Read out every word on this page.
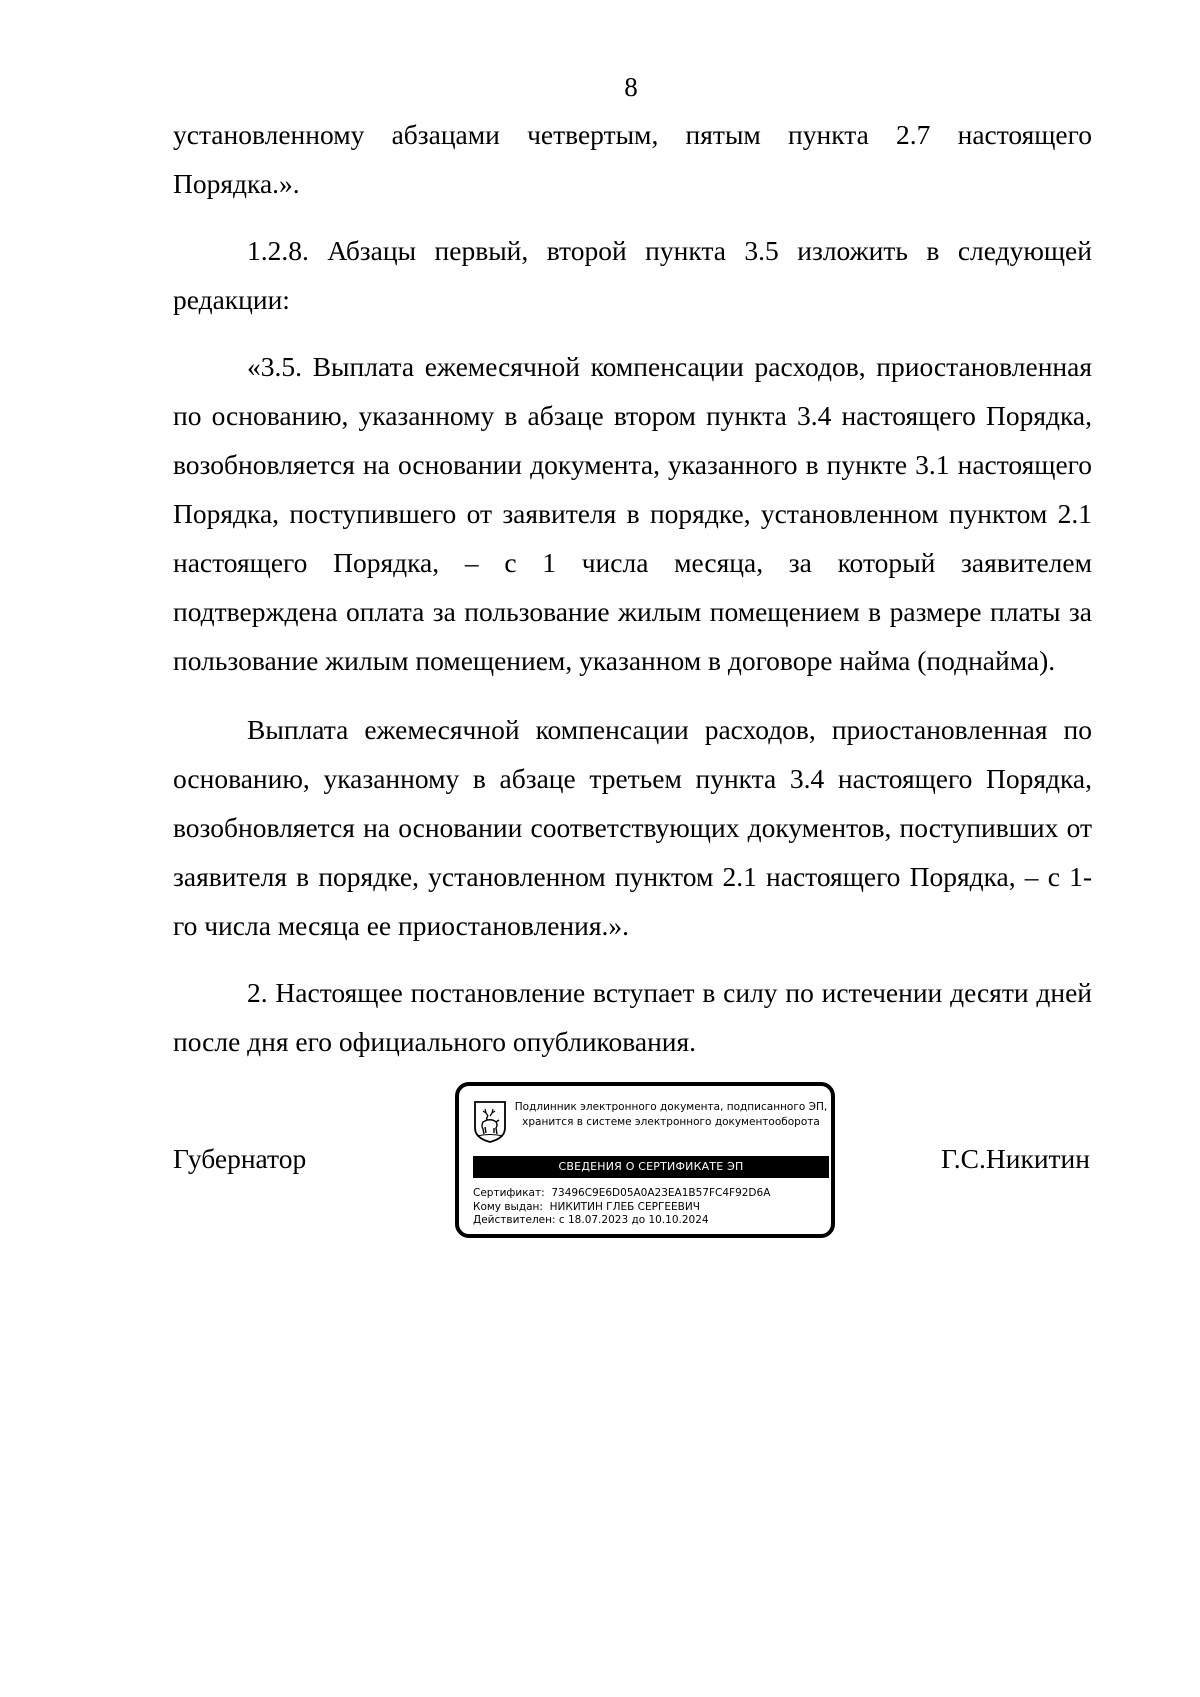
8

установленному абзацами четвертым, пятым пункта 2.7 настоящего Порядка.».

1.2.8. Абзацы первый, второй пункта 3.5 изложить в следующей редакции:

«3.5. Выплата ежемесячной компенсации расходов, приостановленная по основанию, указанному в абзаце втором пункта 3.4 настоящего Порядка, возобновляется на основании документа, указанного в пункте 3.1 настоящего Порядка, поступившего от заявителя в порядке, установленном пунктом 2.1 настоящего Порядка, – с 1 числа месяца, за который заявителем подтверждена оплата за пользование жилым помещением в размере платы за пользование жилым помещением, указанном в договоре найма (поднайма).

Выплата ежемесячной компенсации расходов, приостановленная по основанию, указанному в абзаце третьем пункта 3.4 настоящего Порядка, возобновляется на основании соответствующих документов, поступивших от заявителя в порядке, установленном пунктом 2.1 настоящего Порядка, – с 1-го числа месяца ее приостановления.».

2. Настоящее постановление вступает в силу по истечении десяти дней после дня его официального опубликования.

Губернатор	Г.С.Никитин
Подлинник электронного документа, подписанного ЭП,
хранится в системе электронного документооборота
СВЕДЕНИЯ О СЕРТИФИКАТЕ ЭП
Сертификат: 73496C9E6D05A0A23EA1B57FC4F92D6A
Кому выдан: НИКИТИН ГЛЕБ СЕРГЕЕВИЧ
Действителен: с 18.07.2023 до 10.10.2024
